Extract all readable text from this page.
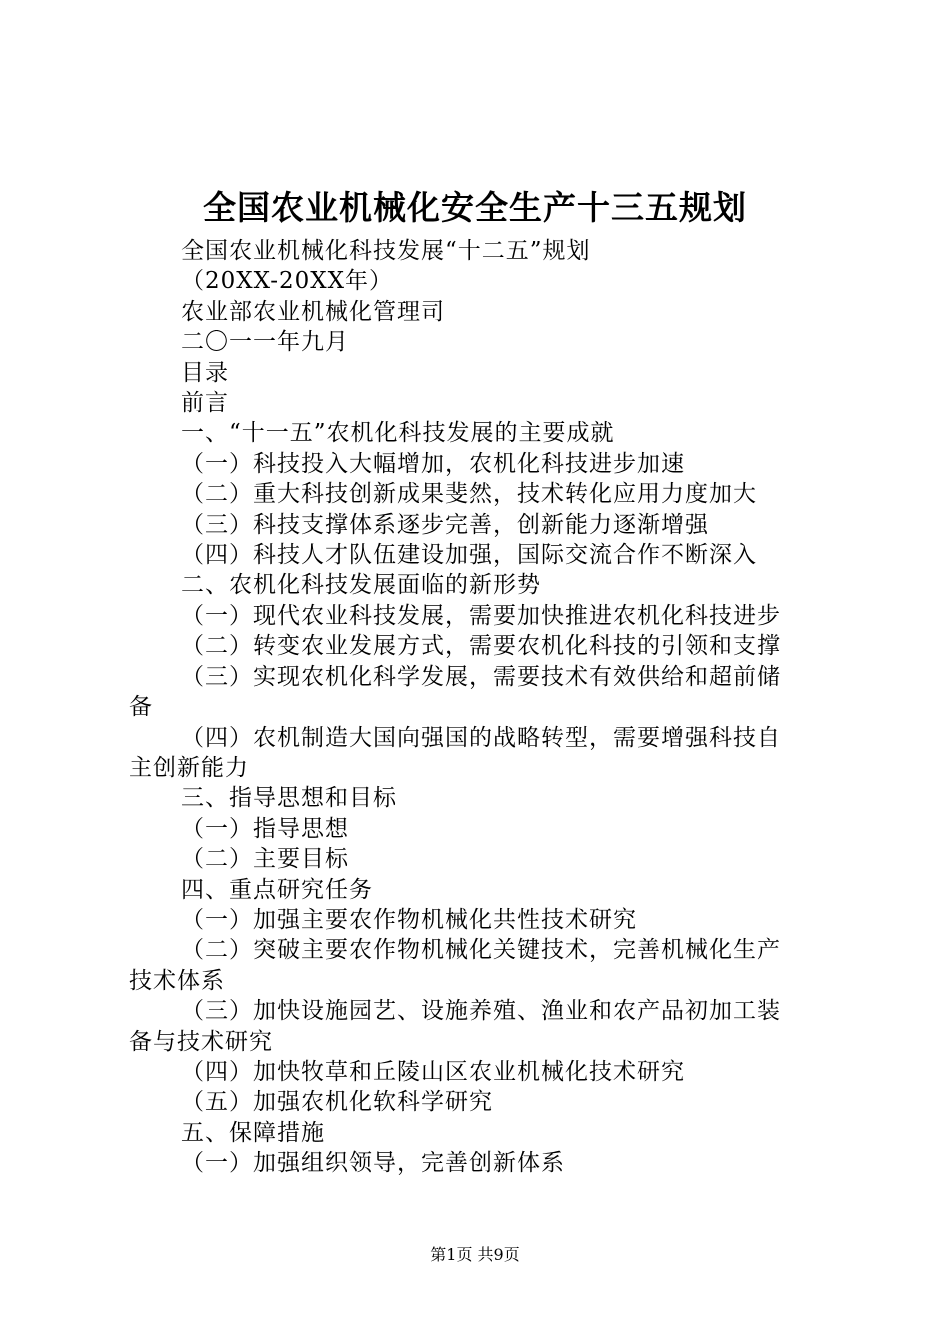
全国农业机械化安全生产十三五规划
全国农业机械化科技发展“十二五”规划
（20XX-20XX年）
农业部农业机械化管理司
二〇一一年九月
目录
前言
一、“十一五”农机化科技发展的主要成就
（一）科技投入大幅增加，农机化科技进步加速
（二）重大科技创新成果斐然，技术转化应用力度加大
（三）科技支撑体系逐步完善，创新能力逐渐增强
（四）科技人才队伍建设加强，国际交流合作不断深入
二、农机化科技发展面临的新形势
（一）现代农业科技发展，需要加快推进农机化科技进步
（二）转变农业发展方式，需要农机化科技的引领和支撑
（三）实现农机化科学发展，需要技术有效供给和超前储
备
（四）农机制造大国向强国的战略转型，需要增强科技自
主创新能力
三、指导思想和目标
（一）指导思想
（二）主要目标
四、重点研究任务
（一）加强主要农作物机械化共性技术研究
（二）突破主要农作物机械化关键技术，完善机械化生产
技术体系
（三）加快设施园艺、设施养殖、渔业和农产品初加工装
备与技术研究
（四）加快牧草和丘陵山区农业机械化技术研究
（五）加强农机化软科学研究
五、保障措施
（一）加强组织领导，完善创新体系
第1页 共9页
